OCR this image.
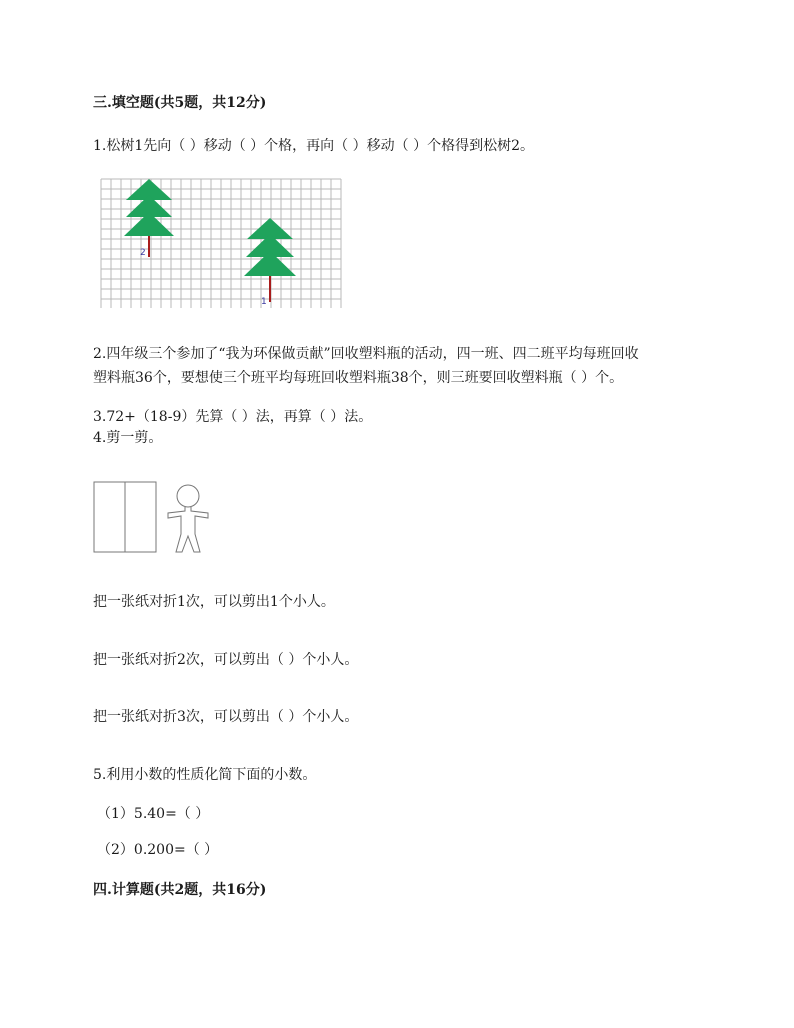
三.填空题(共5题，共12分)
1.松树1先向（ ）移动（ ）个格，再向（ ）移动（ ）个格得到松树2。
2
1
2.四年级三个参加了“我为环保做贡献”回收塑料瓶的活动，四一班、四二班平均每班回收
塑料瓶36个，要想使三个班平均每班回收塑料瓶38个，则三班要回收塑料瓶（ ）个。
3.72+（18-9）先算（ ）法，再算（ ）法。
4.剪一剪。
把一张纸对折1次，可以剪出1个小人。
把一张纸对折2次，可以剪出（ ）个小人。
把一张纸对折3次，可以剪出（ ）个小人。
5.利用小数的性质化简下面的小数。
（1）5.40=（ ）
（2）0.200=（ ）
四.计算题(共2题，共16分)
